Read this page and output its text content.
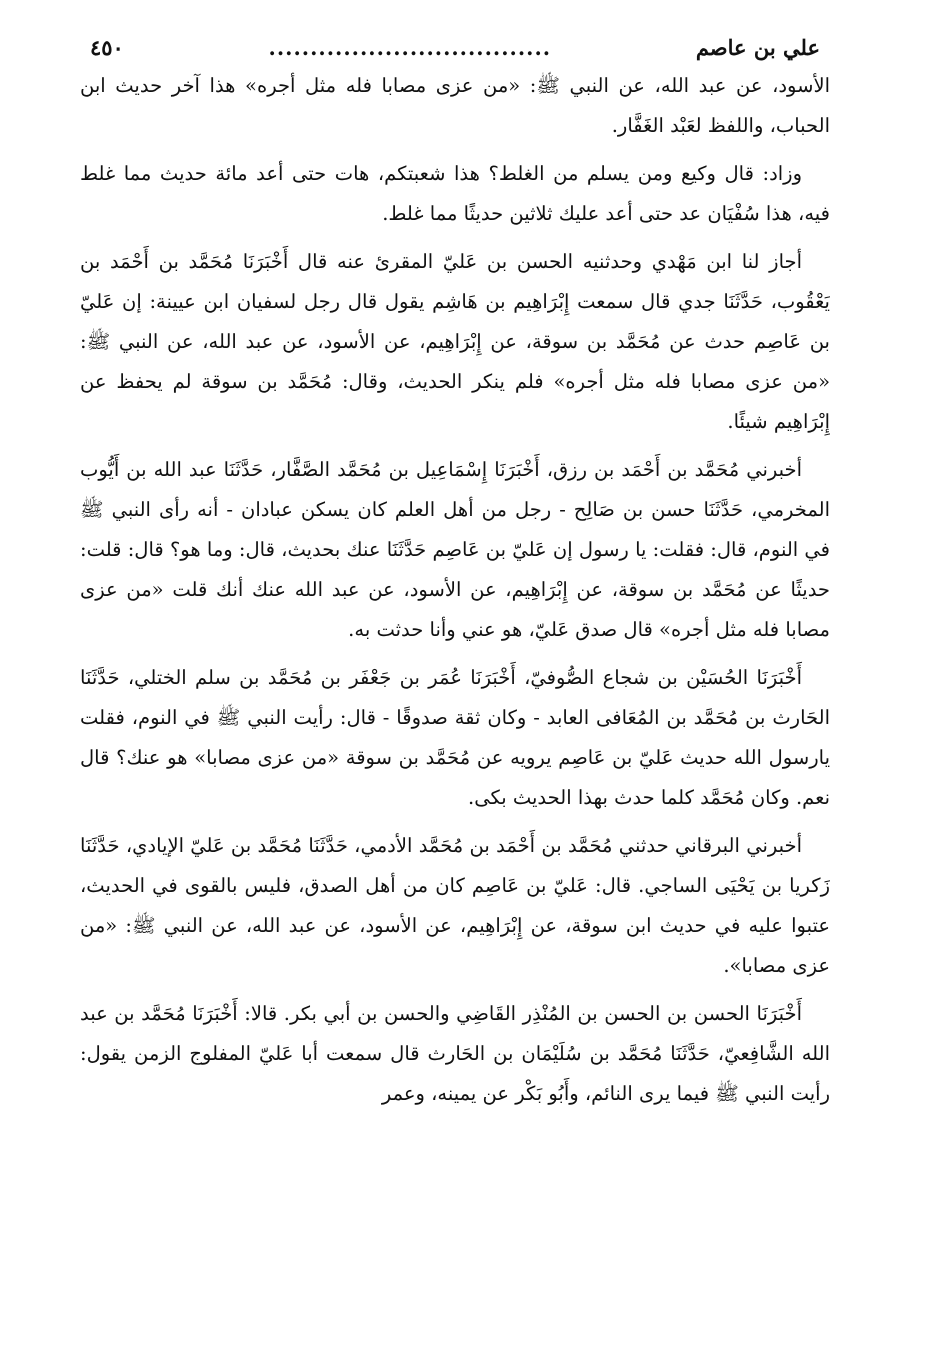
علي بن عاصم
..................................
٤٥٠

الأسود، عن عبد الله، عن النبي ﷺ: «من عزى مصابا فله مثل أجره» هذا آخر حديث ابن الحباب، واللفظ لعَبْد الغَفَّار.

وزاد: قال وكيع ومن يسلم من الغلط؟ هذا شعبتكم، هات حتى أعد مائة حديث مما غلط فيه، هذا سُفْيَان عد حتى أعد عليك ثلاثين حديثًا مما غلط.

أجاز لنا ابن مَهْدي وحدثنيه الحسن بن عَليّ المقرئ عنه قال أَخْبَرَنَا مُحَمَّد بن أَحْمَد بن يَعْقُوب، حَدَّثَنَا جدي قال سمعت إِبْرَاهِيم بن هَاشِم يقول قال رجل لسفيان ابن عيينة: إن عَليّ بن عَاصِم حدث عن مُحَمَّد بن سوقة، عن إِبْرَاهِيم، عن الأسود، عن عبد الله، عن النبي ﷺ: «من عزى مصابا فله مثل أجره» فلم ينكر الحديث، وقال: مُحَمَّد بن سوقة لم يحفظ عن إِبْرَاهِيم شيئًا.

أخبرني مُحَمَّد بن أَحْمَد بن رزق، أَخْبَرَنَا إِسْمَاعِيل بن مُحَمَّد الصَّفَّار، حَدَّثَنَا عبد الله بن أَيُّوب المخرمي، حَدَّثَنَا حسن بن صَالِح - رجل من أهل العلم كان يسكن عبادان - أنه رأى النبي ﷺ في النوم، قال: فقلت: يا رسول إن عَليّ بن عَاصِم حَدَّثَنَا عنك بحديث، قال: وما هو؟ قال: قلت: حديثًا عن مُحَمَّد بن سوقة، عن إِبْرَاهِيم، عن الأسود، عن عبد الله عنك أنك قلت «من عزى مصابا فله مثل أجره» قال صدق عَليّ، هو عني وأنا حدثت به.

أَخْبَرَنَا الحُسَيْن بن شجاع الصُّوفيّ، أَخْبَرَنَا عُمَر بن جَعْفَر بن مُحَمَّد بن سلم الختلي، حَدَّثَنَا الحَارث بن مُحَمَّد بن المُعَافى العابد - وكان ثقة صدوقًا - قال: رأيت النبي ﷺ في النوم، فقلت يارسول الله حديث عَليّ بن عَاصِم يرويه عن مُحَمَّد بن سوقة «من عزى مصابا» هو عنك؟ قال نعم. وكان مُحَمَّد كلما حدث بهذا الحديث بكى.

أخبرني البرقاني حدثني مُحَمَّد بن أَحْمَد بن مُحَمَّد الأدمي، حَدَّثَنَا مُحَمَّد بن عَليّ الإيادي، حَدَّثَنَا زَكريا بن يَحْيَى الساجي. قال: عَليّ بن عَاصِم كان من أهل الصدق، فليس بالقوى في الحديث، عتبوا عليه في حديث ابن سوقة، عن إِبْرَاهِيم، عن الأسود، عن عبد الله، عن النبي ﷺ: «من عزى مصابا».

أَخْبَرَنَا الحسن بن الحسن بن المُنْذِر القَاضِي والحسن بن أبي بكر. قالا: أَخْبَرَنَا مُحَمَّد بن عبد الله الشَّافِعيّ، حَدَّثَنَا مُحَمَّد بن سُلَيْمَان بن الحَارث قال سمعت أبا عَليّ المفلوج الزمن يقول: رأيت النبي ﷺ فيما يرى النائم، وأَبُو بَكْر عن يمينه، وعمر
